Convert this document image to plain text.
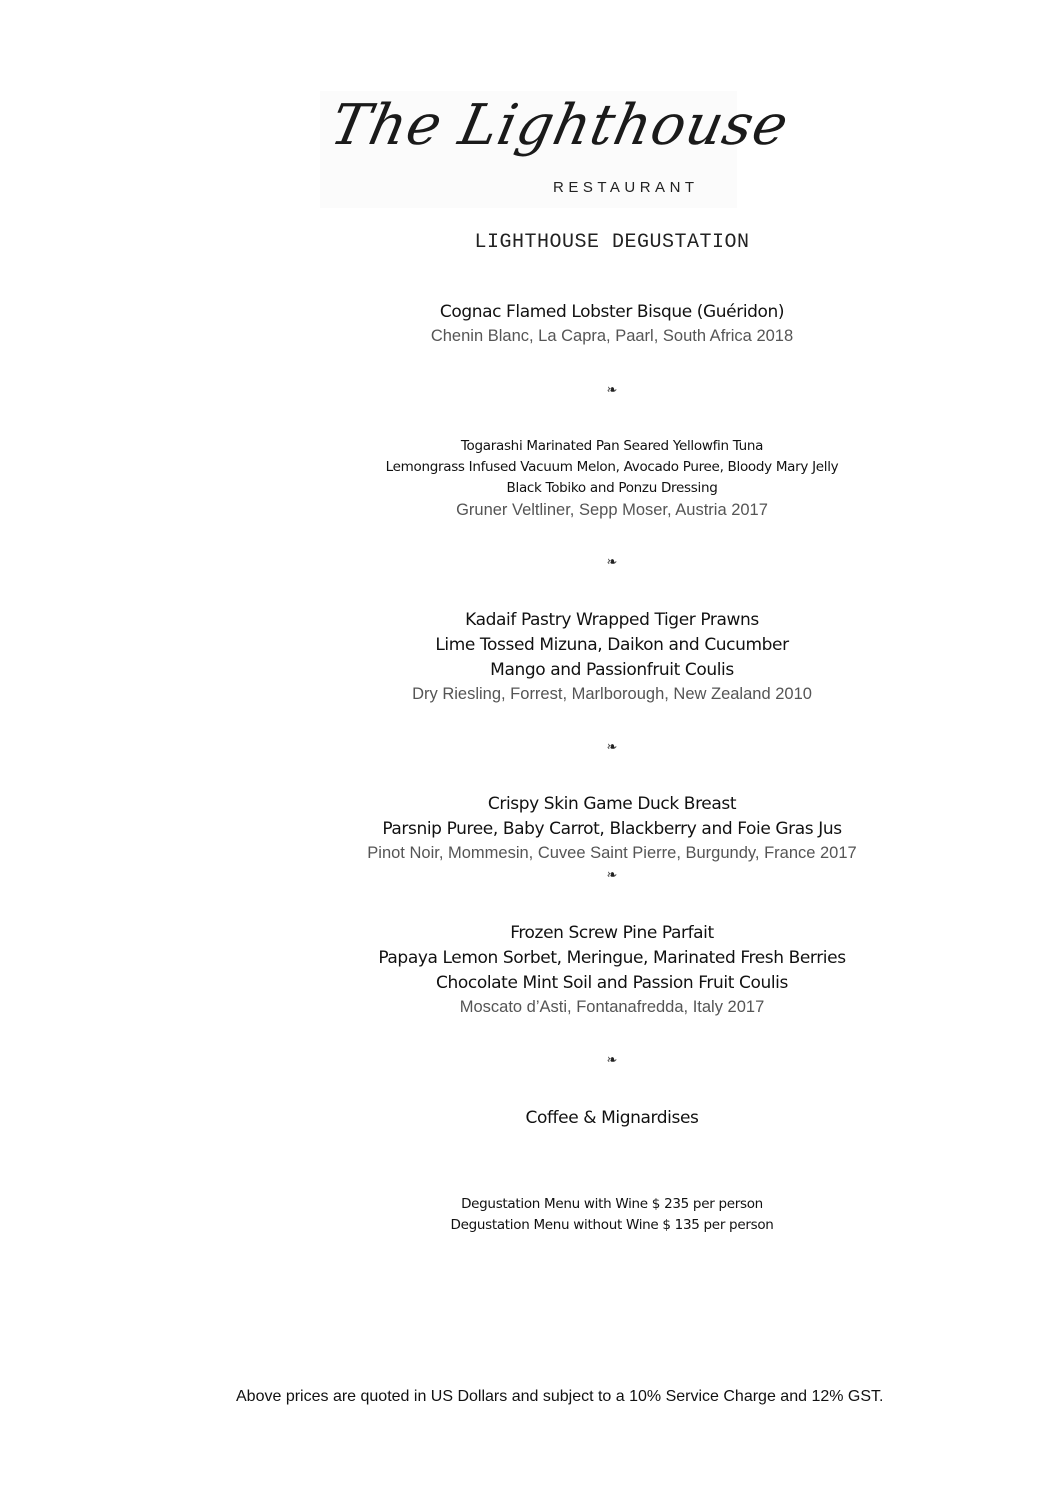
The Lighthouse
RESTAURANT
LIGHTHOUSE DEGUSTATION
Cognac Flamed Lobster Bisque (Guéridon)
Chenin Blanc, La Capra, Paarl, South Africa 2018
❧
Togarashi Marinated Pan Seared Yellowfin Tuna
Lemongrass Infused Vacuum Melon, Avocado Puree, Bloody Mary Jelly
Black Tobiko and Ponzu Dressing
Gruner Veltliner, Sepp Moser, Austria 2017
❧
Kadaif Pastry Wrapped Tiger Prawns
Lime Tossed Mizuna, Daikon and Cucumber
Mango and Passionfruit Coulis
Dry Riesling, Forrest, Marlborough, New Zealand 2010
❧
Crispy Skin Game Duck Breast
Parsnip Puree, Baby Carrot, Blackberry and Foie Gras Jus
Pinot Noir, Mommesin, Cuvee Saint Pierre, Burgundy, France 2017
❧
Frozen Screw Pine Parfait
Papaya Lemon Sorbet, Meringue, Marinated Fresh Berries
Chocolate Mint Soil and Passion Fruit Coulis
Moscato d’Asti, Fontanafredda, Italy 2017
❧
Coffee & Mignardises
Degustation Menu with Wine $ 235 per person
Degustation Menu without Wine $ 135 per person
Above prices are quoted in US Dollars and subject to a 10% Service Charge and 12% GST.
